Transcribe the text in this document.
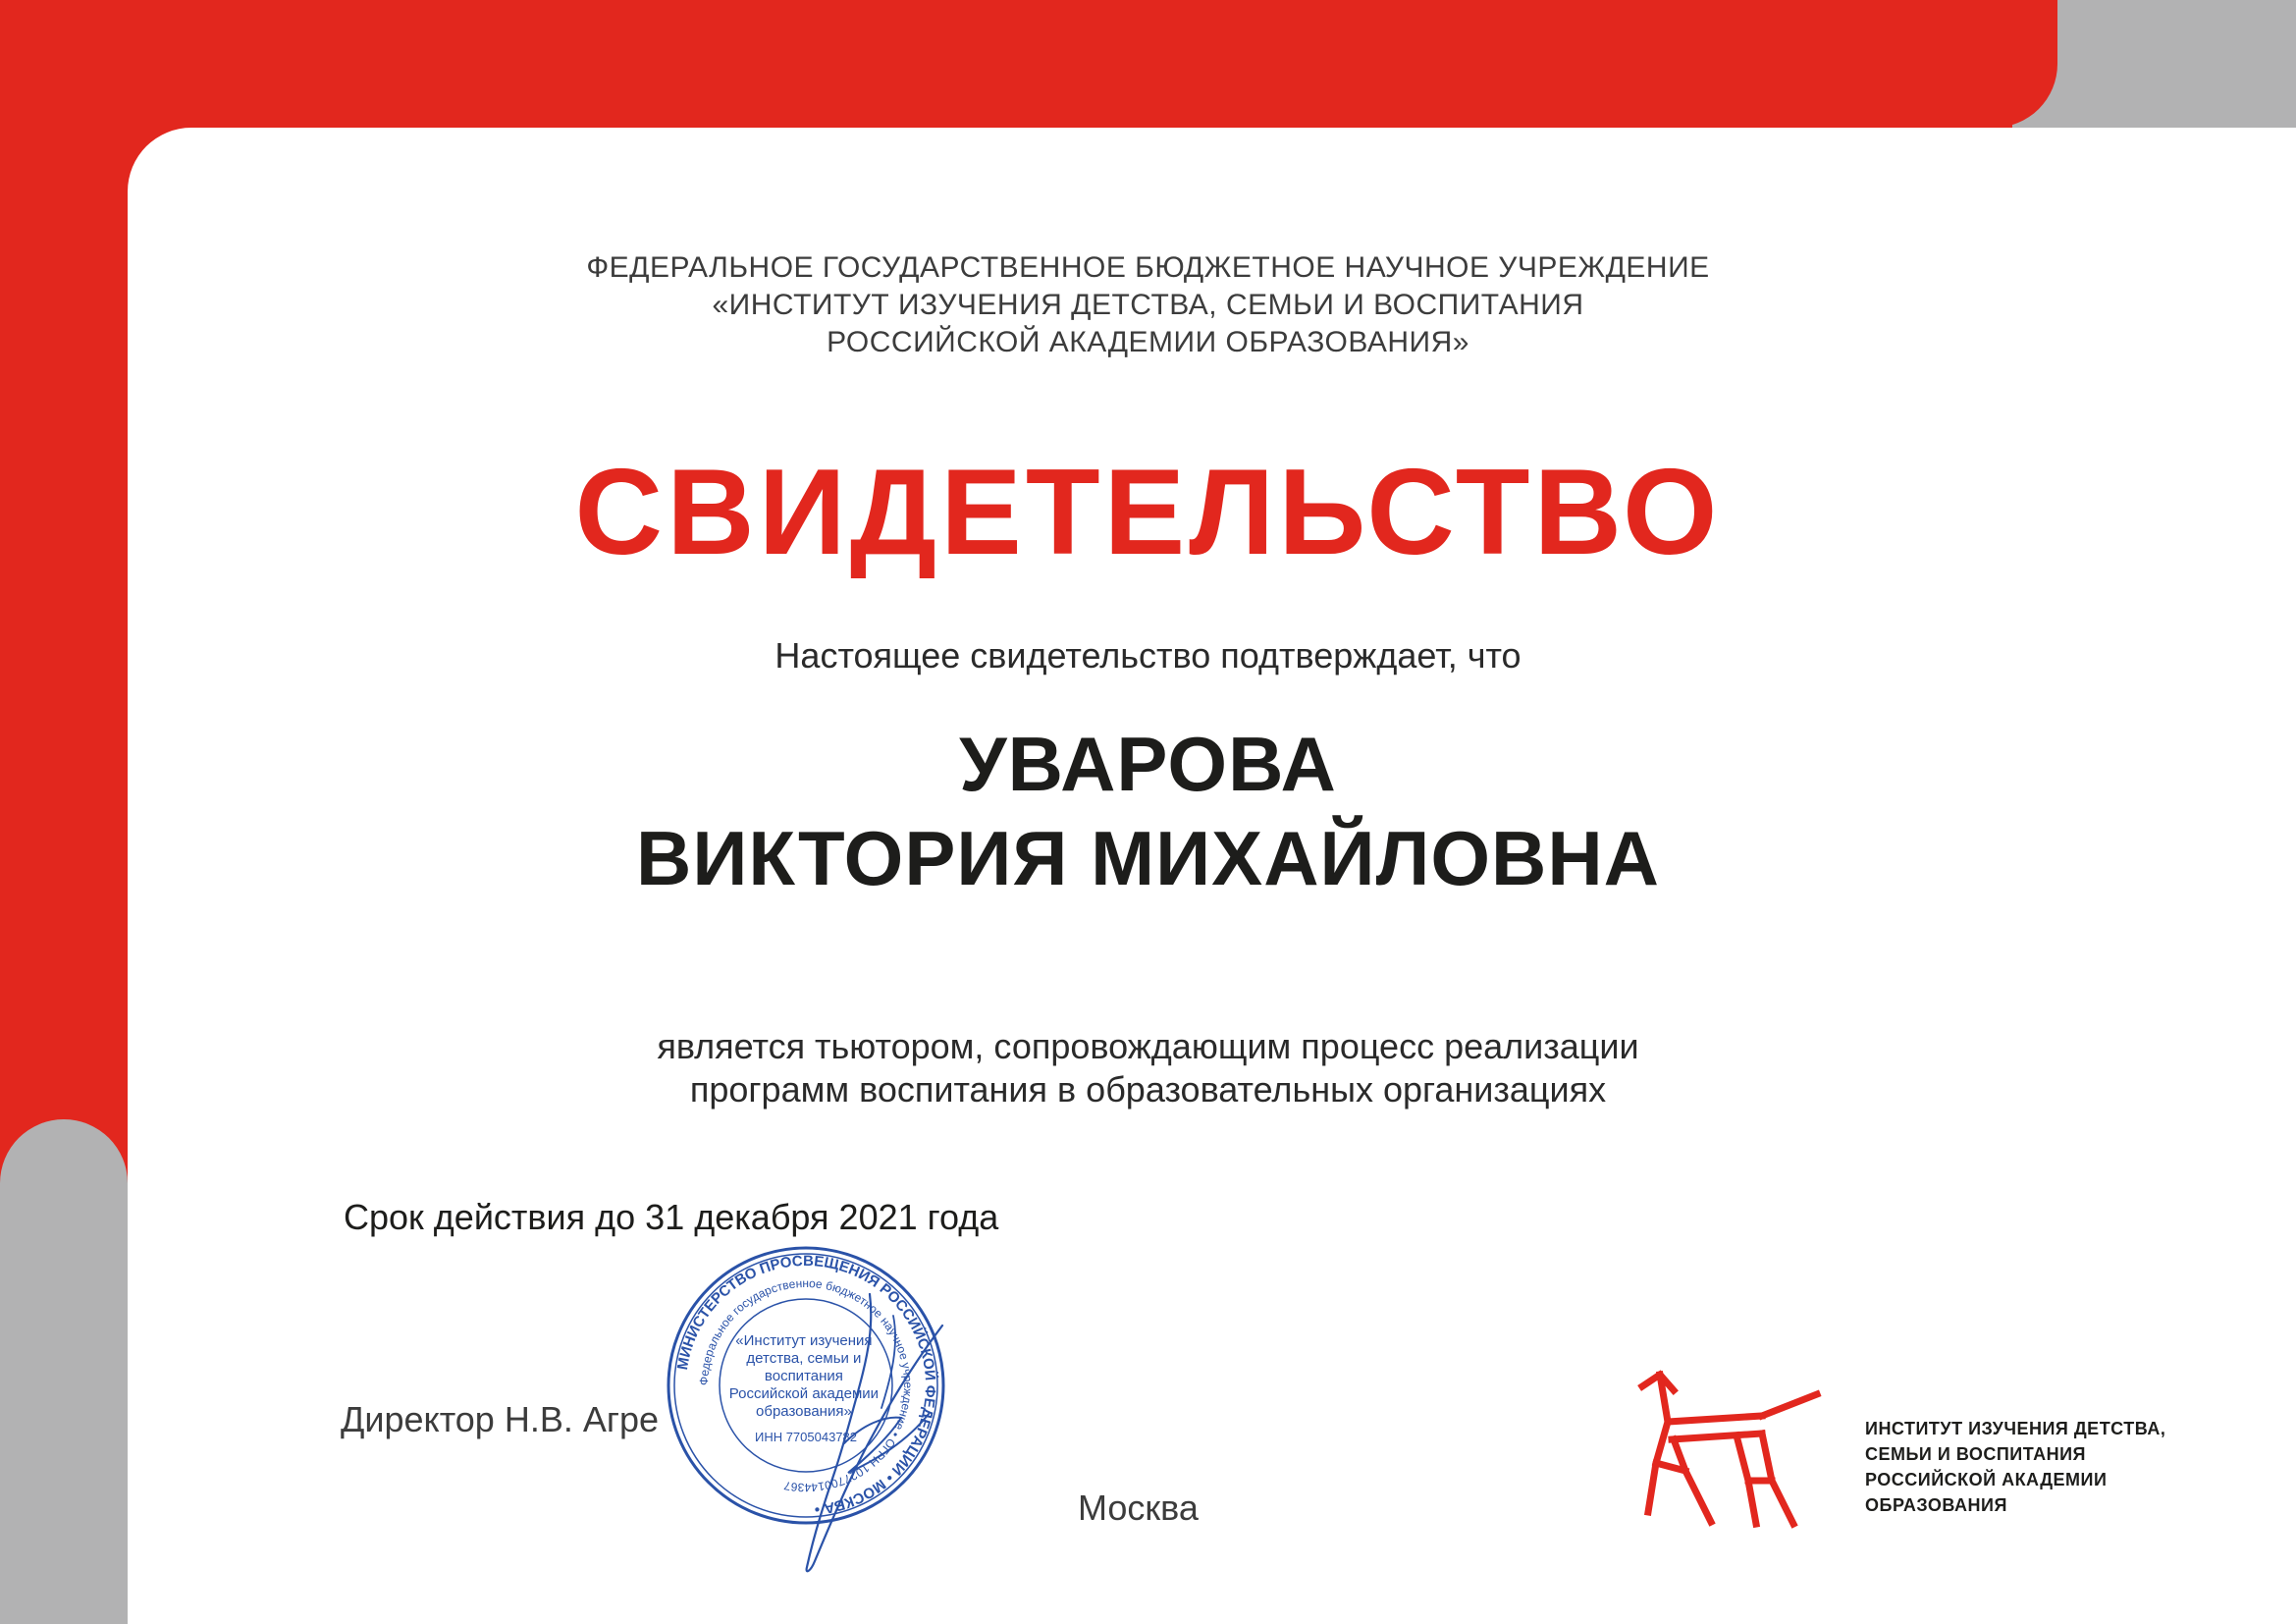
ФЕДЕРАЛЬНОЕ ГОСУДАРСТВЕННОЕ БЮДЖЕТНОЕ НАУЧНОЕ УЧРЕЖДЕНИЕ
«ИНСТИТУТ ИЗУЧЕНИЯ ДЕТСТВА, СЕМЬИ И ВОСПИТАНИЯ
РОССИЙСКОЙ АКАДЕМИИ ОБРАЗОВАНИЯ»
СВИДЕТЕЛЬСТВО
Настоящее свидетельство подтверждает, что
УВАРОВА
ВИКТОРИЯ МИХАЙЛОВНА
является тьютором, сопровождающим процесс реализации
программ воспитания в образовательных организациях
Срок действия до 31 декабря 2021 года
Директор Н.В. Агре
МИНИСТЕРСТВО ПРОСВЕЩЕНИЯ РОССИЙСКОЙ ФЕДЕРАЦИИ • МОСКВА •
Федеральное государственное бюджетное научное учреждение • ОГРН 1027700144367
«Институт изучения детства, семьи и воспитания Российской академии образования» ИНН 7705043782
Москва
ИНСТИТУТ ИЗУЧЕНИЯ ДЕТСТВА,
СЕМЬИ И ВОСПИТАНИЯ
РОССИЙСКОЙ АКАДЕМИИ
ОБРАЗОВАНИЯ
